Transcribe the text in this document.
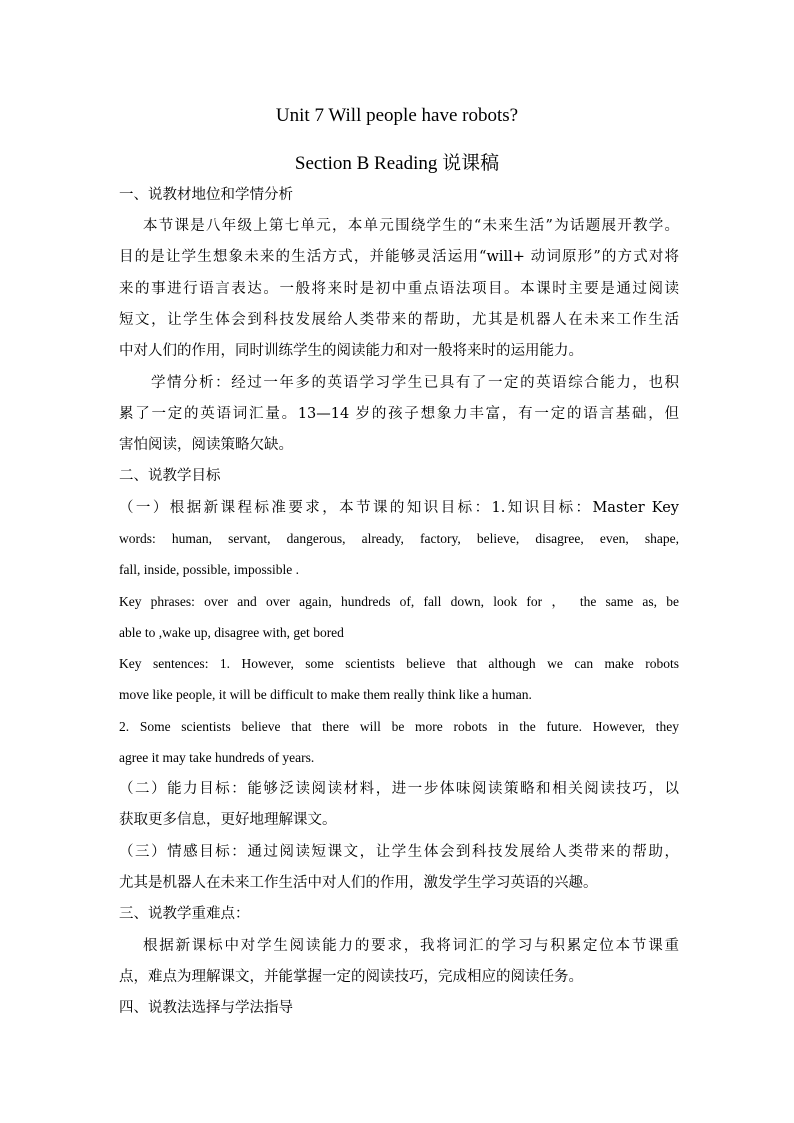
Unit 7 Will people have robots?
Section B Reading 说课稿
一、说教材地位和学情分析
本节课是八年级上第七单元，本单元围绕学生的“未来生活”为话题展开教学。
目的是让学生想象未来的生活方式，并能够灵活运用“will+ 动词原形”的方式对将
来的事进行语言表达。一般将来时是初中重点语法项目。本课时主要是通过阅读
短文，让学生体会到科技发展给人类带来的帮助，尤其是机器人在未来工作生活
中对人们的作用，同时训练学生的阅读能力和对一般将来时的运用能力。
学情分析：经过一年多的英语学习学生已具有了一定的英语综合能力，也积
累了一定的英语词汇量。13—14 岁的孩子想象力丰富，有一定的语言基础，但
害怕阅读，阅读策略欠缺。
二、说教学目标
（一）根据新课程标准要求，本节课的知识目标：1.知识目标：Master Key
words: human, servant, dangerous, already, factory, believe, disagree, even, shape,
fall, inside, possible, impossible .
Key phrases: over and over again, hundreds of, fall down, look for ， the same as, be
able to ,wake up, disagree with, get bored
Key sentences: 1. However, some scientists believe that although we can make robots
move like people, it will be difficult to make them really think like a human.
2. Some scientists believe that there will be more robots in the future. However, they
agree it may take hundreds of years.
（二）能力目标：能够泛读阅读材料，进一步体味阅读策略和相关阅读技巧，以
获取更多信息，更好地理解课文。
（三）情感目标：通过阅读短课文，让学生体会到科技发展给人类带来的帮助，
尤其是机器人在未来工作生活中对人们的作用，激发学生学习英语的兴趣。
三、说教学重难点：
根据新课标中对学生阅读能力的要求，我将词汇的学习与积累定位本节课重
点，难点为理解课文，并能掌握一定的阅读技巧，完成相应的阅读任务。
四、说教法选择与学法指导
